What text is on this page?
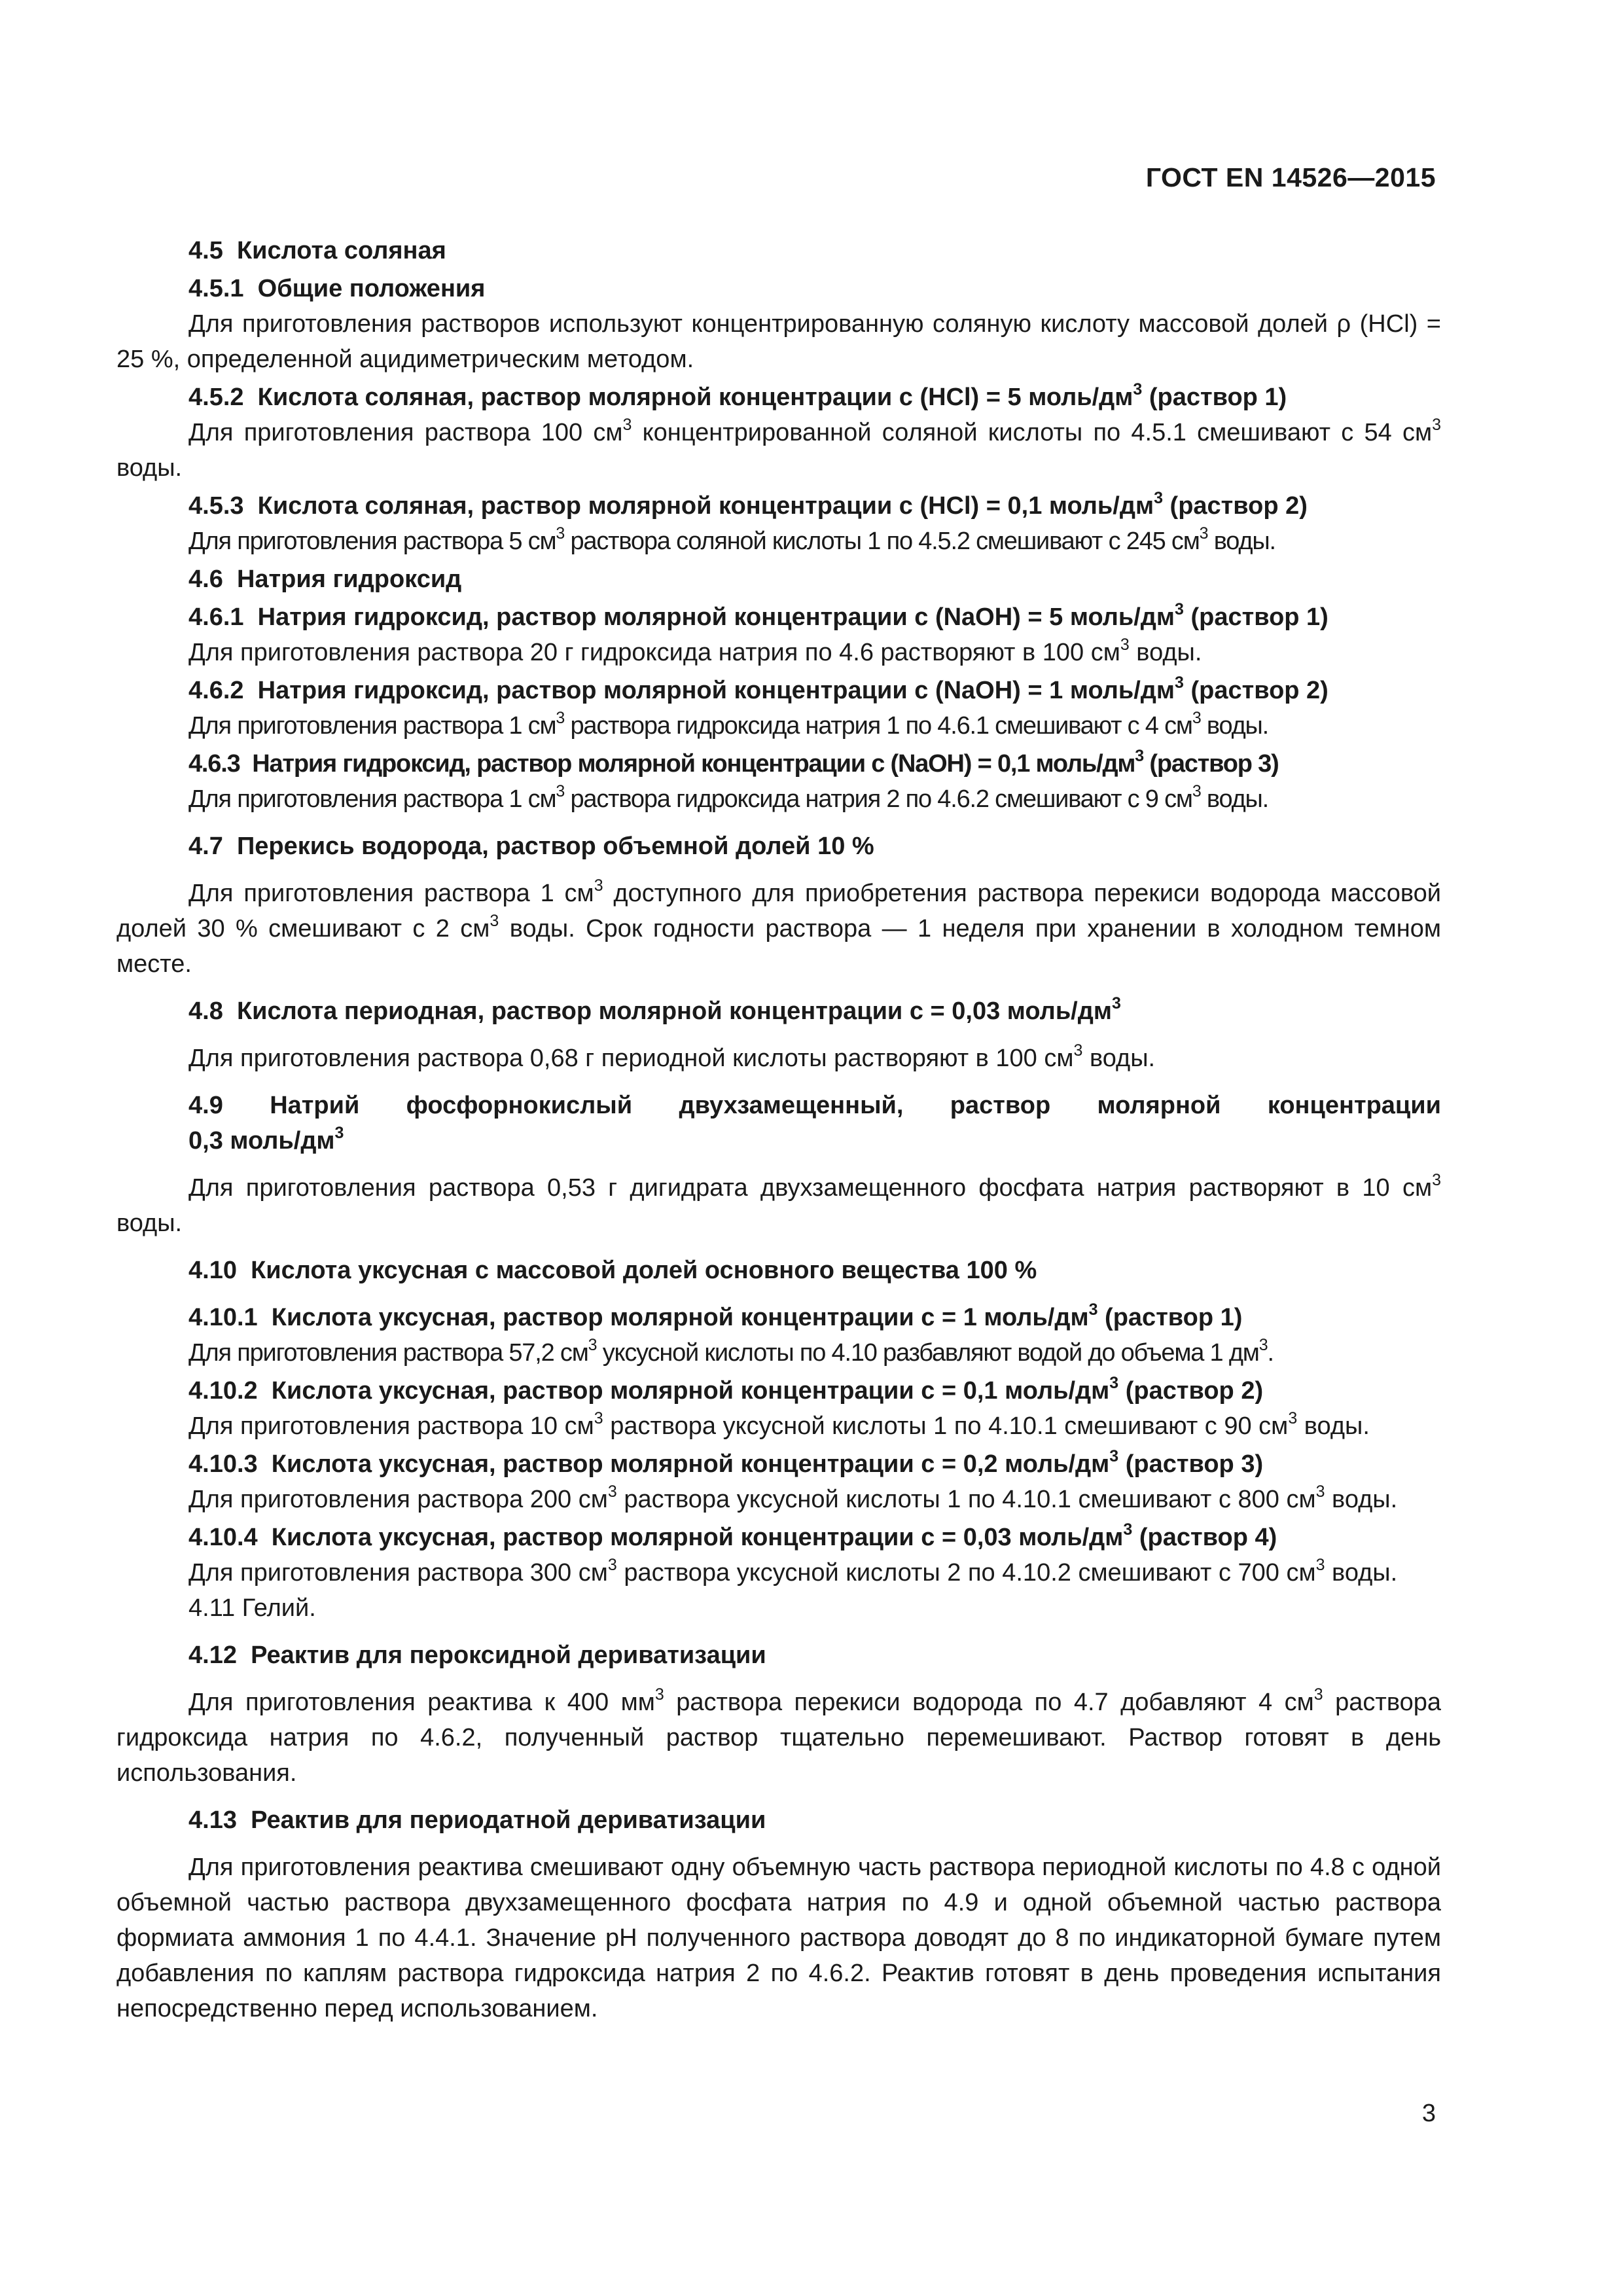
ГОСТ EN 14526—2015

4.5 Кислота соляная

4.5.1 Общие положения

Для приготовления растворов используют концентрированную соляную кислоту массовой долей ρ (HCl) = 25 %, определенной ацидиметрическим методом.

4.5.2 Кислота соляная, раствор молярной концентрации c (HCl) = 5 моль/$дм^3$ (раствор 1)

Для приготовления раствора 100 $см^3$ концентрированной соляной кислоты по 4.5.1 смешивают с 54 $см^3$ воды.

4.5.3 Кислота соляная, раствор молярной концентрации c (HCl) = 0,1 моль/$дм^3$ (раствор 2)

Для приготовления раствора 5 $см^3$ раствора соляной кислоты 1 по 4.5.2 смешивают с 245 $см^3$ воды.

4.6 Натрия гидроксид

4.6.1 Натрия гидроксид, раствор молярной концентрации c (NaOH) = 5 моль/$дм^3$ (раствор 1)

Для приготовления раствора 20 г гидроксида натрия по 4.6 растворяют в 100 $см^3$ воды.

4.6.2 Натрия гидроксид, раствор молярной концентрации c (NaOH) = 1 моль/$дм^3$ (раствор 2)

Для приготовления раствора 1 $см^3$ раствора гидроксида натрия 1 по 4.6.1 смешивают с 4 $см^3$ воды.

4.6.3 Натрия гидроксид, раствор молярной концентрации c (NaOH) = 0,1 моль/$дм^3$ (раствор 3)

Для приготовления раствора 1 $см^3$ раствора гидроксида натрия 2 по 4.6.2 смешивают с 9 $см^3$ воды.

4.7 Перекись водорода, раствор объемной долей 10 %

Для приготовления раствора 1 $см^3$ доступного для приобретения раствора перекиси водорода массовой долей 30 % смешивают с 2 $см^3$ воды. Срок годности раствора — 1 неделя при хранении в холодном темном месте.

4.8 Кислота периодная, раствор молярной концентрации c = 0,03 моль/$дм^3$

Для приготовления раствора 0,68 г периодной кислоты растворяют в 100 $см^3$ воды.

4.9 Натрий фосфорнокислый двухзамещенный, раствор молярной концентрации

0,3 моль/$дм^3$

Для приготовления раствора 0,53 г дигидрата двухзамещенного фосфата натрия растворяют в 10 $см^3$ воды.

4.10 Кислота уксусная с массовой долей основного вещества 100 %

4.10.1 Кислота уксусная, раствор молярной концентрации c = 1 моль/$дм^3$ (раствор 1)

Для приготовления раствора 57,2 $см^3$ уксусной кислоты по 4.10 разбавляют водой до объема 1 $дм^3$.

4.10.2 Кислота уксусная, раствор молярной концентрации c = 0,1 моль/$дм^3$ (раствор 2)

Для приготовления раствора 10 $см^3$ раствора уксусной кислоты 1 по 4.10.1 смешивают с 90 $см^3$ воды.

4.10.3 Кислота уксусная, раствор молярной концентрации c = 0,2 моль/$дм^3$ (раствор 3)

Для приготовления раствора 200 $см^3$ раствора уксусной кислоты 1 по 4.10.1 смешивают с 800 $см^3$ воды.

4.10.4 Кислота уксусная, раствор молярной концентрации c = 0,03 моль/$дм^3$ (раствор 4)

Для приготовления раствора 300 $см^3$ раствора уксусной кислоты 2 по 4.10.2 смешивают с 700 $см^3$ воды.

4.11 Гелий.

4.12 Реактив для пероксидной дериватизации

Для приготовления реактива к 400 $мм^3$ раствора перекиси водорода по 4.7 добавляют 4 $см^3$ раствора гидроксида натрия по 4.6.2, полученный раствор тщательно перемешивают. Раствор готовят в день использования.

4.13 Реактив для периодатной дериватизации

Для приготовления реактива смешивают одну объемную часть раствора периодной кислоты по 4.8 с одной объемной частью раствора двухзамещенного фосфата натрия по 4.9 и одной объемной частью раствора формиата аммония 1 по 4.4.1. Значение pH полученного раствора доводят до 8 по индикаторной бумаге путем добавления по каплям раствора гидроксида натрия 2 по 4.6.2. Реактив готовят в день проведения испытания непосредственно перед использованием.

3
